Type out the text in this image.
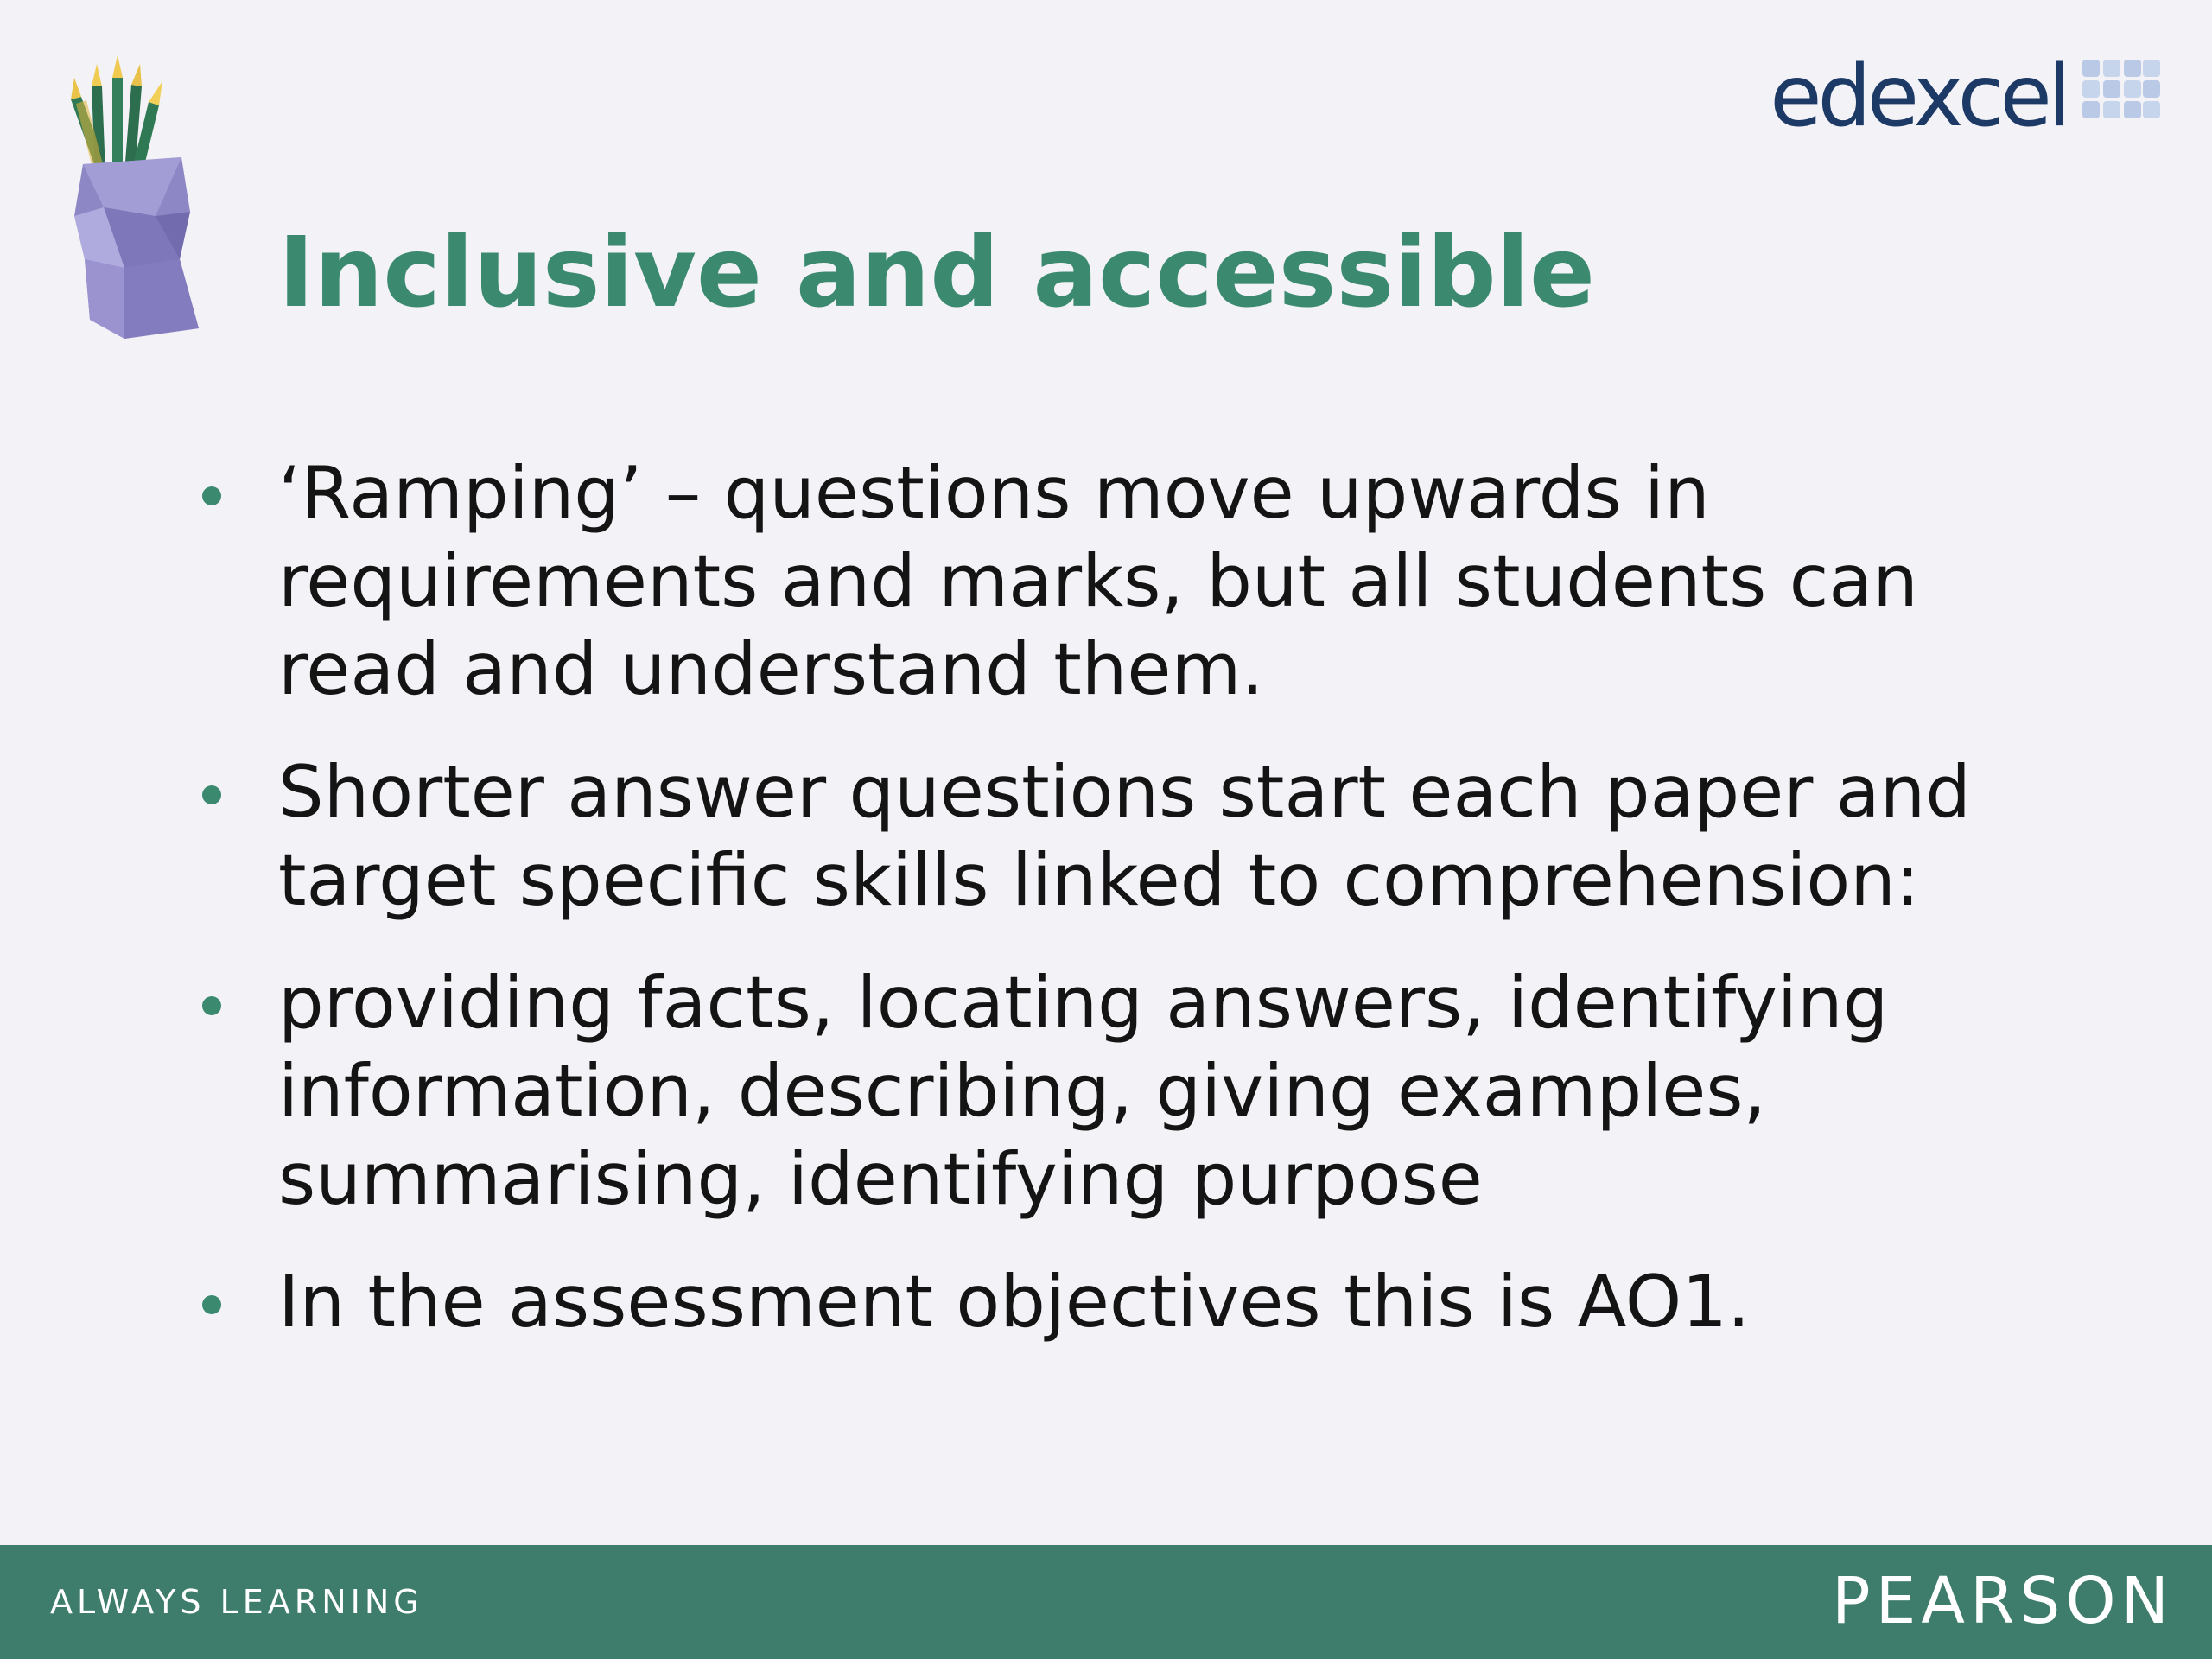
edexcel
Inclusive and accessible
‘Ramping’ – questions move upwards in
requirements and marks, but all students can
read and understand them.
Shorter answer questions start each paper and
target specific skills linked to comprehension:
providing facts, locating answers, identifying
information, describing, giving examples,
summarising, identifying purpose
In the assessment objectives this is AO1.
ALWAYS LEARNING	PEARSON
